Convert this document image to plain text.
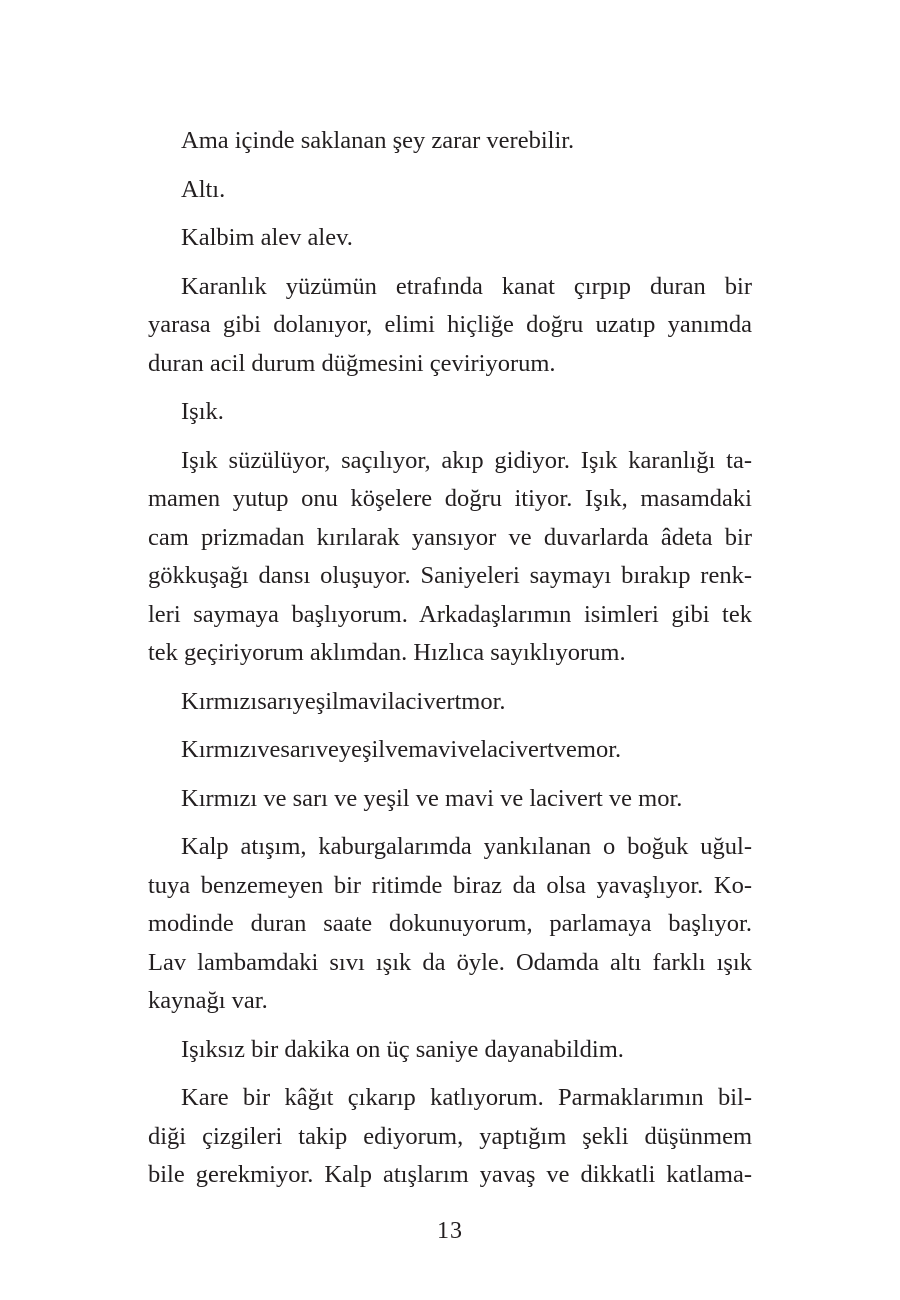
Ama içinde saklanan şey zarar verebilir.
Altı.
Kalbim alev alev.
Karanlık yüzümün etrafında kanat çırpıp duran bir
yarasa gibi dolanıyor, elimi hiçliğe doğru uzatıp yanımda
duran acil durum düğmesini çeviriyorum.
Işık.
Işık süzülüyor, saçılıyor, akıp gidiyor. Işık karanlığı ta-
mamen yutup onu köşelere doğru itiyor. Işık, masamdaki
cam prizmadan kırılarak yansıyor ve duvarlarda âdeta bir
gökkuşağı dansı oluşuyor. Saniyeleri saymayı bırakıp renk-
leri saymaya başlıyorum. Arkadaşlarımın isimleri gibi tek
tek geçiriyorum aklımdan. Hızlıca sayıklıyorum.
Kırmızısarıyeşilmavilacivertmor.
Kırmızıvesarıveyeşilvemavivelacivertvemor.
Kırmızı ve sarı ve yeşil ve mavi ve lacivert ve mor.
Kalp atışım, kaburgalarımda yankılanan o boğuk uğul-
tuya benzemeyen bir ritimde biraz da olsa yavaşlıyor. Ko-
modinde duran saate dokunuyorum, parlamaya başlıyor.
Lav lambamdaki sıvı ışık da öyle. Odamda altı farklı ışık
kaynağı var.
Işıksız bir dakika on üç saniye dayanabildim.
Kare bir kâğıt çıkarıp katlıyorum. Parmaklarımın bil-
diği çizgileri takip ediyorum, yaptığım şekli düşünmem
bile gerekmiyor. Kalp atışlarım yavaş ve dikkatli katlama-
13
